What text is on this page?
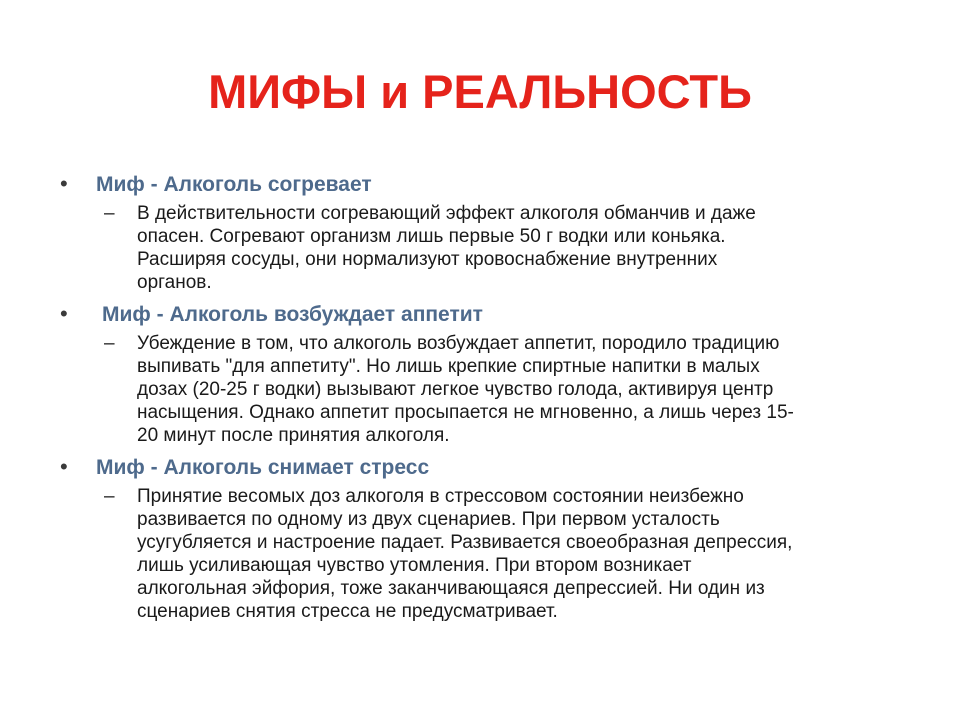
МИФЫ и РЕАЛЬНОСТЬ
• Миф - Алкоголь согревает
– В действительности согревающий эффект алкоголя обманчив и даже
опасен. Согревают организм лишь первые 50 г водки или коньяка.
Расширяя сосуды, они нормализуют кровоснабжение внутренних
органов.
• Миф - Алкоголь возбуждает аппетит
– Убеждение в том, что алкоголь возбуждает аппетит, породило традицию
выпивать "для аппетиту". Но лишь крепкие спиртные напитки в малых
дозах (20-25 г водки) вызывают легкое чувство голода, активируя центр
насыщения. Однако аппетит просыпается не мгновенно, а лишь через 15-
20 минут после принятия алкоголя.
• Миф - Алкоголь снимает стресс
– Принятие весомых доз алкоголя в стрессовом состоянии неизбежно
развивается по одному из двух сценариев. При первом усталость
усугубляется и настроение падает. Развивается своеобразная депрессия,
лишь усиливающая чувство утомления. При втором возникает
алкогольная эйфория, тоже заканчивающаяся депрессией. Ни один из
сценариев снятия стресса не предусматривает.
